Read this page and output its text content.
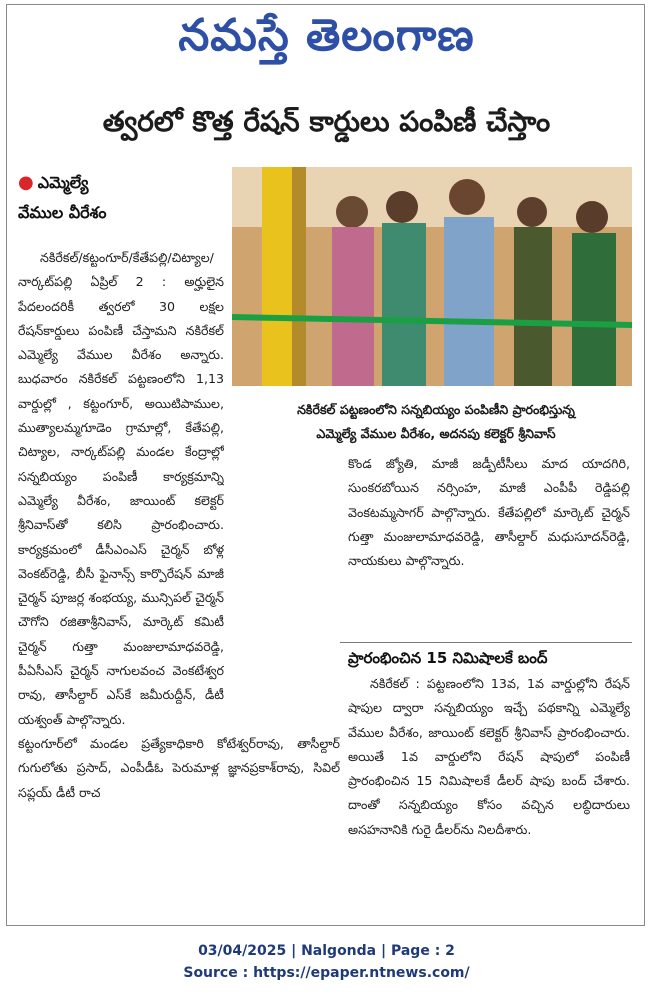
నమస్తే తెలంగాణ
త్వరలో కొత్త రేషన్ కార్డులు పంపిణీ చేస్తాం
● ఎమ్మెల్యే
వేముల వీరేశం

నకిరేకల్/కట్టంగూర్/కేతేపల్లి/చిట్యాల/నార్కట్‌పల్లి ఏప్రిల్ 2 : అర్హులైన పేదలందరికీ త్వరలో 30 లక్షల రేషన్‌కార్డులు పంపిణీ చేస్తామని నకిరేకల్ ఎమ్మెల్యే వేముల వీరేశం అన్నారు. బుధవారం నకిరేకల్ పట్టణంలోని 1,13 వార్డుల్లో , కట్టంగూర్, అయిటిపాముల, ముత్యాలమ్మగూడెం గ్రామాల్లో, కేతేపల్లి, చిట్యాల, నార్కట్‌పల్లి మండల కేంద్రాల్లో సన్నబియ్యం పంపిణీ కార్యక్రమాన్ని ఎమ్మెల్యే వీరేశం, జాయింట్ కలెక్టర్ శ్రీనివాస్‌తో కలిసి ప్రారంభించారు. కార్యక్రమంలో డీసీఎంఎస్ చైర్మన్ బోళ్ల వెంకట్‌రెడ్డి, బీసీ ఫైనాన్స్ కార్పొరేషన్ మాజీ చైర్మన్ పూజర్ల శంభయ్య, మున్సిపల్ చైర్మన్ చౌగోని రజితాశ్రీనివాస్, మార్కెట్ కమిటీ చైర్మన్ గుత్తా మంజులామాధవరెడ్డి, పీఏసీఎస్ చైర్మన్ నాగులవంచ వెంకటేశ్వర రావు, తాసీల్దార్ ఎస్‌కే జమీరుద్దీన్, డీటీ యశ్వంత్ పాల్గొన్నారు.

నకిరేకల్ పట్టణంలోని సన్నబియ్యం పంపిణీని ప్రారంభిస్తున్న
ఎమ్మెల్యే వేముల వీరేశం, అదనపు కలెక్టర్ శ్రీనివాస్

కట్టంగూర్‌లో మండల ప్రత్యేకాధికారి కోటేశ్వర్‌రావు, తాసీల్దార్ గుగులోతు ప్రసాద్, ఎంపీడీఓ పెరుమాళ్ల జ్ఞానప్రకాశ్‌రావు, సివిల్ సప్లయ్ డీటీ రాచ

కొండ జ్యోతి, మాజీ జడ్పీటీసీలు మాద యాదగిరి, సుంకరబోయిన నర్సింహ, మాజీ ఎంపీపీ రెడ్డిపల్లి వెంకటమ్మసాగర్ పాల్గొన్నారు. కేతేపల్లిలో మార్కెట్ చైర్మన్ గుత్తా మంజులామాధవరెడ్డి, తాసీల్దార్ మధుసూదన్‌రెడ్డి, నాయకులు పాల్గొన్నారు.

ప్రారంభించిన 15 నిమిషాలకే బంద్

నకిరేకల్ : పట్టణంలోని 13వ, 1వ వార్డుల్లోని రేషన్ షాపుల ద్వారా సన్నబియ్యం ఇచ్చే పథకాన్ని ఎమ్మెల్యే వేముల వీరేశం, జాయింట్ కలెక్టర్ శ్రీనివాస్ ప్రారంభించారు. అయితే 1వ వార్డులోని రేషన్ షాపులో పంపిణీ ప్రారంభించిన 15 నిమిషాలకే డీలర్ షాపు బంద్ చేశారు. దాంతో సన్నబియ్యం కోసం వచ్చిన లబ్ధిదారులు అసహనానికి గురై డీలర్‌ను నిలదీశారు.

03/04/2025 | Nalgonda | Page : 2
Source : https://epaper.ntnews.com/
